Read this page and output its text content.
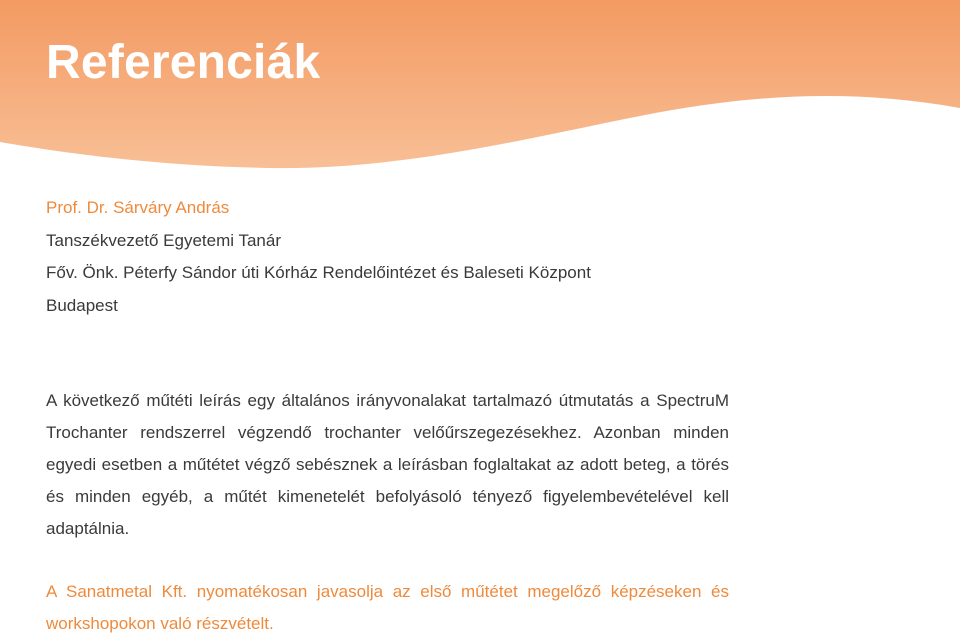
Referenciák
Prof. Dr. Sárváry András
Tanszékvezető Egyetemi Tanár
Főv. Önk. Péterfy Sándor úti Kórház Rendelőintézet és Baleseti Központ
Budapest

A következő műtéti leírás egy általános irányvonalakat tartalmazó útmutatás a SpectruM Trochanter rendszerrel végzendő trochanter velőűrszegezésekhez. Azonban minden egyedi esetben a műtétet végző sebésznek a leírásban foglaltakat az adott beteg, a törés és minden egyéb, a műtét kimenetelét befolyásoló tényező figyelembevételével kell adaptálnia.

A Sanatmetal Kft. nyomatékosan javasolja az első műtétet megelőző képzéseken és workshopokon való részvételt.
